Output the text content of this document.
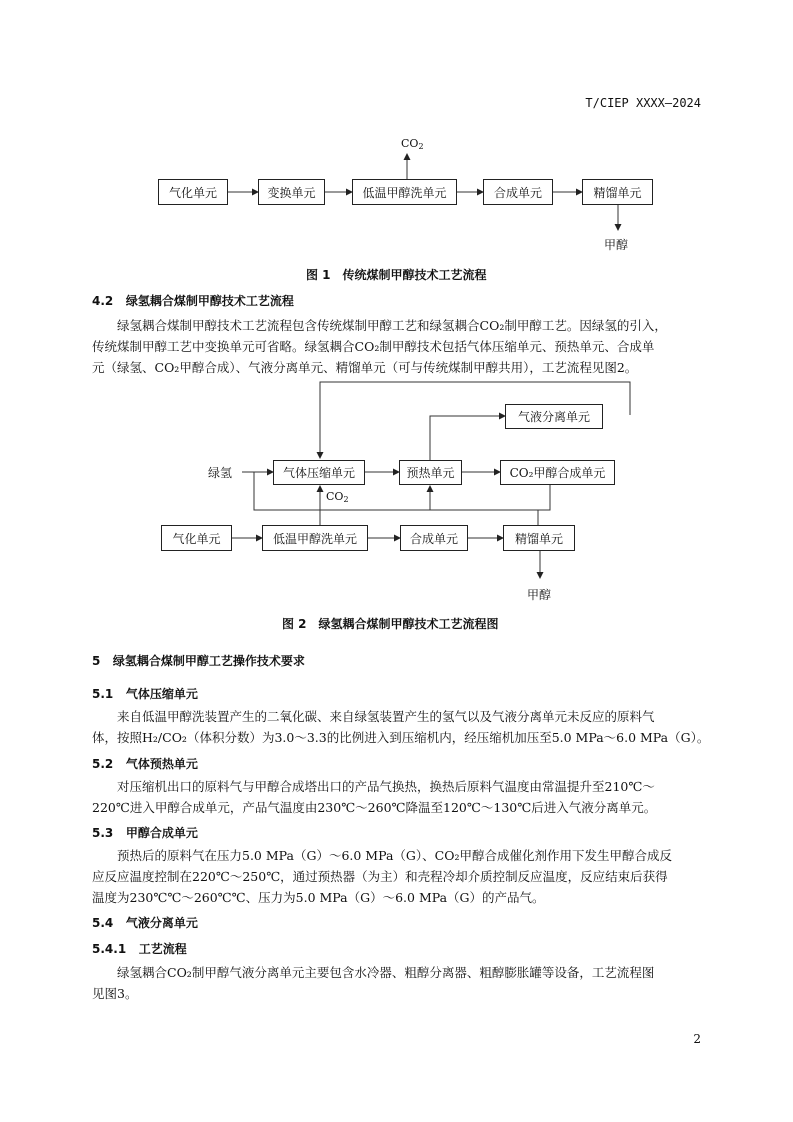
T/CIEP XXXX—2024
气化单元	变换单元	低温甲醇洗单元	合成单元	精馏单元
$CO_2$
甲醇
图 1　传统煤制甲醇技术工艺流程
4.2 绿氢耦合煤制甲醇技术工艺流程
绿氢耦合煤制甲醇技术工艺流程包含传统煤制甲醇工艺和绿氢耦合CO₂制甲醇工艺。因绿氢的引入，
传统煤制甲醇工艺中变换单元可省略。绿氢耦合CO₂制甲醇技术包括气体压缩单元、预热单元、合成单
元（绿氢、CO₂甲醇合成）、气液分离单元、精馏单元（可与传统煤制甲醇共用），工艺流程见图2。
绿氢	气体压缩单元	预热单元	CO₂甲醇合成单元
气液分离单元
$CO_2$
气化单元	低温甲醇洗单元	合成单元	精馏单元
甲醇
图 2　绿氢耦合煤制甲醇技术工艺流程图
5 绿氢耦合煤制甲醇工艺操作技术要求
5.1 气体压缩单元
来自低温甲醇洗装置产生的二氧化碳、来自绿氢装置产生的氢气以及气液分离单元未反应的原料气
体，按照H₂/CO₂（体积分数）为3.0～3.3的比例进入到压缩机内，经压缩机加压至5.0 MPa～6.0 MPa（G）。
5.2 气体预热单元
对压缩机出口的原料气与甲醇合成塔出口的产品气换热，换热后原料气温度由常温提升至210℃～
220℃进入甲醇合成单元，产品气温度由230℃～260℃降温至120℃～130℃后进入气液分离单元。
5.3 甲醇合成单元
预热后的原料气在压力5.0 MPa（G）～6.0 MPa（G）、CO₂甲醇合成催化剂作用下发生甲醇合成反
应反应温度控制在220℃～250℃，通过预热器（为主）和壳程冷却介质控制反应温度，反应结束后获得
温度为230℃℃～260℃℃、压力为5.0 MPa（G）～6.0 MPa（G）的产品气。
5.4 气液分离单元
5.4.1 工艺流程
绿氢耦合CO₂制甲醇气液分离单元主要包含水冷器、粗醇分离器、粗醇膨胀罐等设备，工艺流程图
见图3。
2
